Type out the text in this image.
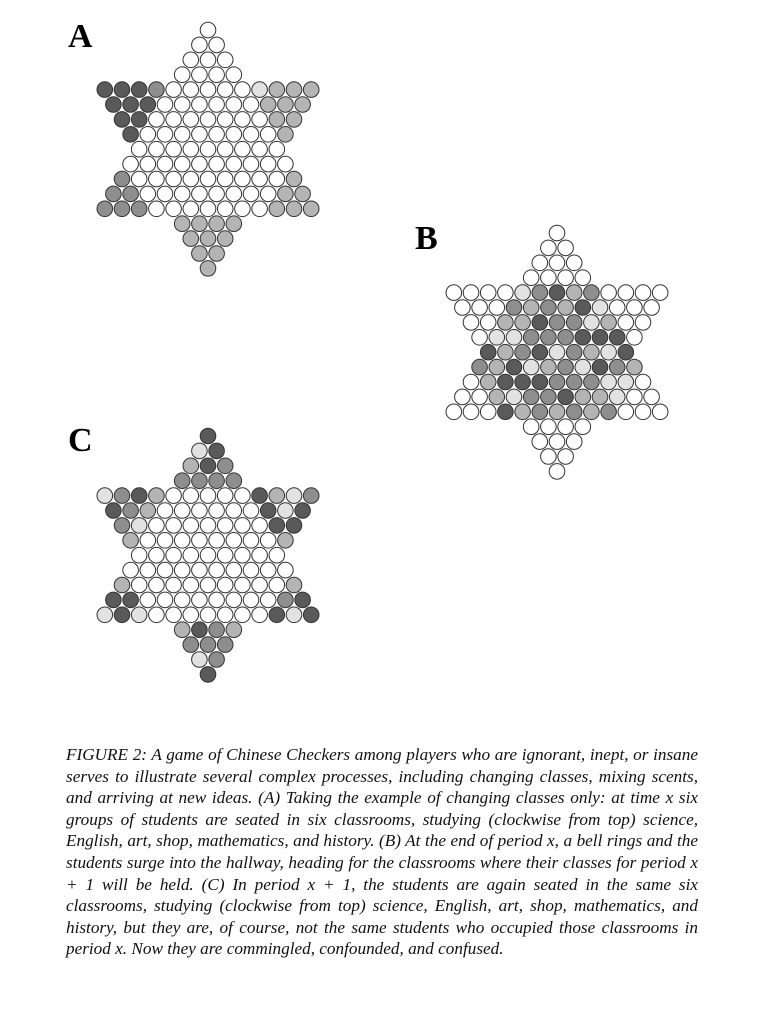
A
B
C

FIGURE 2: A game of Chinese Checkers among players who are ignorant, inept, or insane serves to illustrate several complex processes, including changing classes, mixing scents, and arriving at new ideas. (A) Taking the example of changing classes only: at time x six groups of students are seated in six classrooms, studying (clockwise from top) science, English, art, shop, mathematics, and history. (B) At the end of period x, a bell rings and the students surge into the hallway, heading for the classrooms where their classes for period x + 1 will be held. (C) In period x + 1, the students are again seated in the same six classrooms, studying (clockwise from top) science, English, art, shop, mathematics, and history, but they are, of course, not the same students who occupied those classrooms in period x. Now they are commingled, confounded, and confused.
